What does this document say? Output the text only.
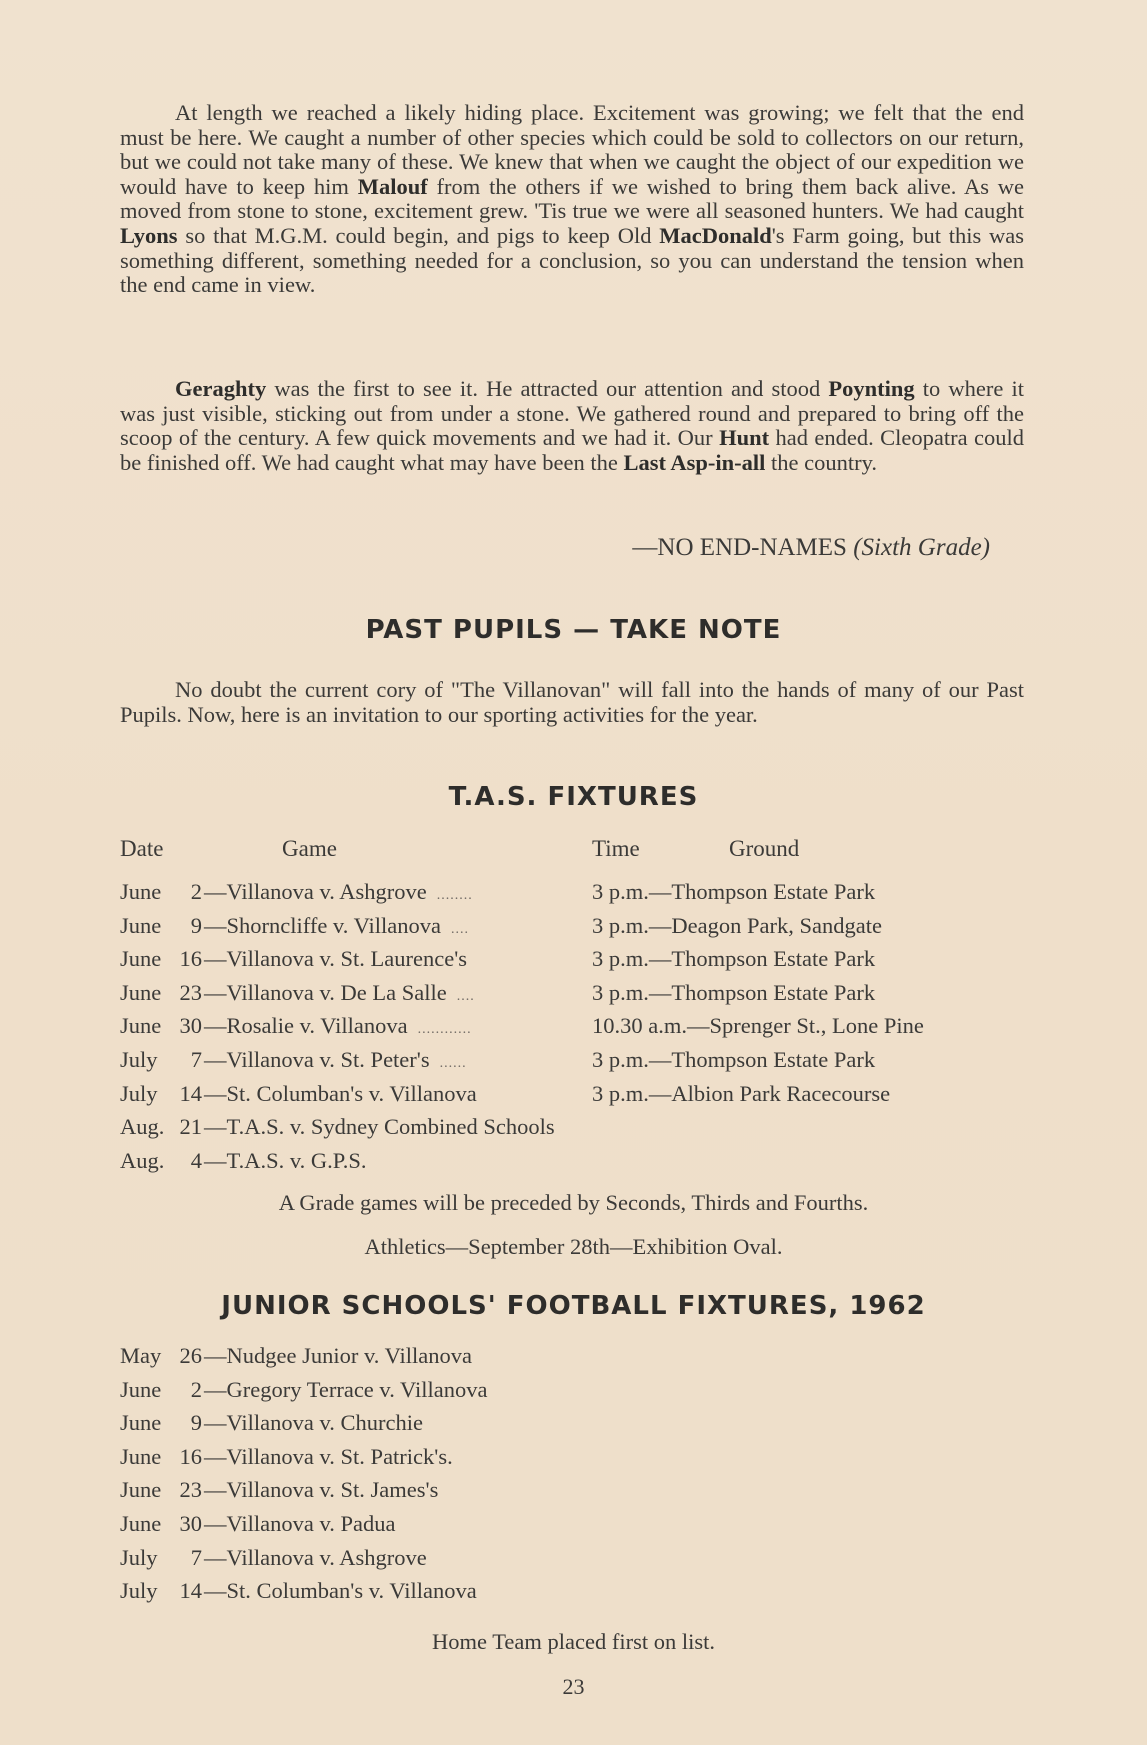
At length we reached a likely hiding place. Excitement was growing; we felt that the end must be here. We caught a number of other species which could be sold to collectors on our return, but we could not take many of these. We knew that when we caught the object of our expedition we would have to keep him Malouf from the others if we wished to bring them back alive. As we moved from stone to stone, excitement grew. 'Tis true we were all seasoned hunters. We had caught Lyons so that M.G.M. could begin, and pigs to keep Old MacDonald's Farm going, but this was something different, something needed for a conclusion, so you can understand the tension when the end came in view.

Geraghty was the first to see it. He attracted our attention and stood Poynting to where it was just visible, sticking out from under a stone. We gathered round and prepared to bring off the scoop of the century. A few quick movements and we had it. Our Hunt had ended. Cleopatra could be finished off. We had caught what may have been the Last Asp-in-all the country.

—NO END-NAMES (Sixth Grade)
PAST PUPILS — TAKE NOTE

No doubt the current cory of "The Villanovan" will fall into the hands of many of our Past Pupils. Now, here is an invitation to our sporting activities for the year.

T.A.S. FIXTURES
Date	Game	Time	Ground
June	2 —Villanova v. Ashgrove ........	3 p.m.—Thompson Estate Park
June	9 —Shorncliffe v. Villanova ....	3 p.m.—Deagon Park, Sandgate
June 16 —Villanova v. St. Laurence's	3 p.m.—Thompson Estate Park
June 23 —Villanova v. De La Salle ....	3 p.m.—Thompson Estate Park
June 30 —Rosalie v. Villanova ............	10.30 a.m.—Sprenger St., Lone Pine
July	7 —Villanova v. St. Peter's ......	3 p.m.—Thompson Estate Park
July 14 —St. Columban's v. Villanova	3 p.m.—Albion Park Racecourse
Aug. 21 —T.A.S. v. Sydney Combined Schools
Aug.	4 —T.A.S. v. G.P.S.
A Grade games will be preceded by Seconds, Thirds and Fourths.
Athletics—September 28th—Exhibition Oval.
JUNIOR SCHOOLS' FOOTBALL FIXTURES, 1962
May 26 —Nudgee Junior v. Villanova
June	2 —Gregory Terrace v. Villanova
June	9 —Villanova v. Churchie
June 16 —Villanova v. St. Patrick's.
June 23 —Villanova v. St. James's
June 30 —Villanova v. Padua
July	7 —Villanova v. Ashgrove
July 14 —St. Columban's v. Villanova
Home Team placed first on list.
23
